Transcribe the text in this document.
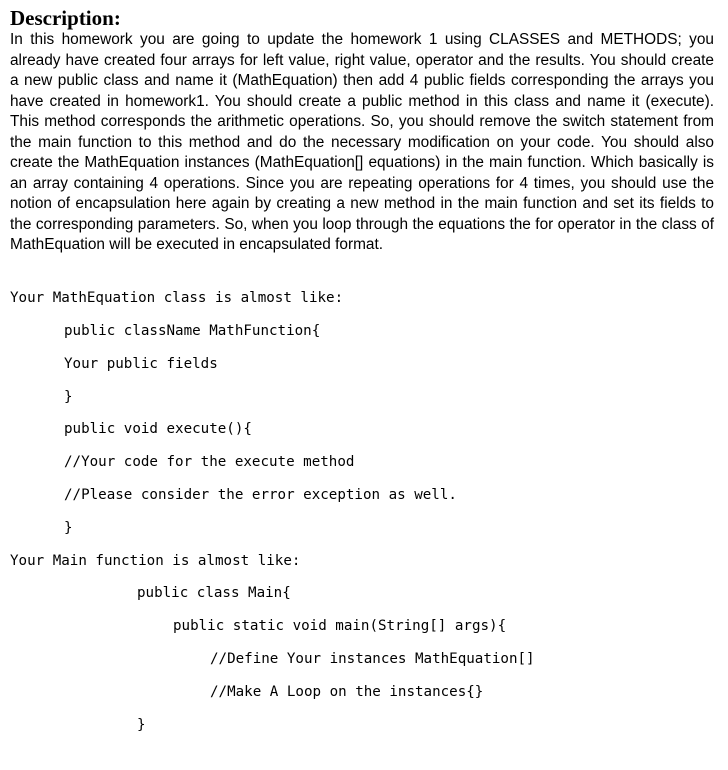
Description:

In this homework you are going to update the homework 1 using CLASSES and METHODS; you already have created four arrays for left value, right value, operator and the results. You should create a new public class and name it (MathEquation) then add 4 public fields corresponding the arrays you have created in homework1. You should create a public method in this class and name it (execute). This method corresponds the arithmetic operations. So, you should remove the switch statement from the main function to this method and do the necessary modification on your code. You should also create the MathEquation instances (MathEquation[] equations) in the main function. Which basically is an array containing 4 operations. Since you are repeating operations for 4 times, you should use the notion of encapsulation here again by creating a new method in the main function and set its fields to the corresponding parameters. So, when you loop through the equations the for operator in the class of MathEquation will be executed in encapsulated format.

Your MathEquation class is almost like:
public className MathFunction{
Your public fields
}
public void execute(){
//Your code for the execute method
//Please consider the error exception as well.
}
Your Main function is almost like:
public class Main{
public static void main(String[] args){
//Define Your instances MathEquation[]
//Make A Loop on the instances{}
}
